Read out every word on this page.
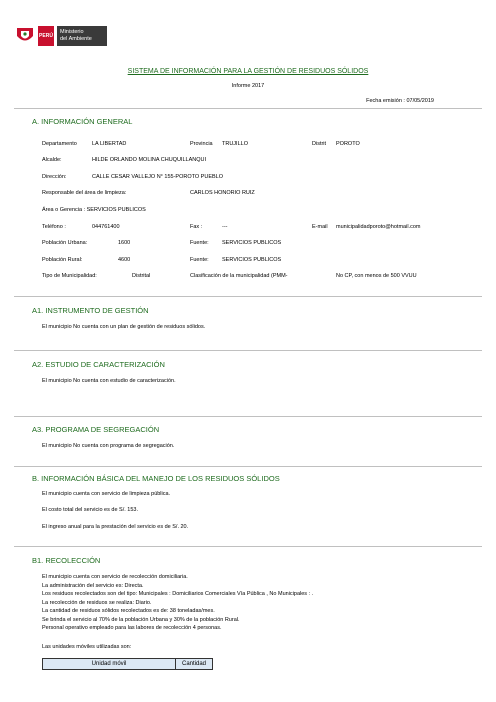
PERÚ
Ministerio
del Ambiente
SISTEMA DE INFORMACIÓN PARA LA GESTIÓN DE RESIDUOS SÓLIDOS
Informe 2017
Fecha emisión : 07/05/2019
A. INFORMACIÓN GENERAL
Departamento	LA LIBERTAD	Provincia TRUJILLO	Distrit POROTO
Alcalde:	HILDE ORLANDO MOLINA CHUQUILLANQUI
Dirección:	CALLE CESAR VALLEJO N° 155-POROTO PUEBLO
Responsable del área de limpieza:	CARLOS HONORIO RUIZ
Área o Gerencia : SERVICIOS PUBLICOS
Teléfono :	044761400	Fax :	---	E-mail municipalidadporoto@hotmail.com
Población Urbana:	1600	Fuente: SERVICIOS PUBLICOS
Población Rural:	4600	Fuente: SERVICIOS PUBLICOS
Tipo de Municipalidad:	Distrital	Clasificación de la municipalidad (PMM-	No CP, con menos de 500 VVUU
A1. INSTRUMENTO DE GESTIÓN
El municipio No cuenta con un plan de gestión de residuos sólidos.
A2. ESTUDIO DE CARACTERIZACIÓN
El municipio No cuenta con estudio de caracterización.
A3. PROGRAMA DE SEGREGACIÓN
El municipio No cuenta con programa de segregación.
B. INFORMACIÓN BÁSICA DEL MANEJO DE LOS RESIDUOS SÓLIDOS
El municipio cuenta con servicio de limpieza pública.
El costo total del servicio es de S/. 153.
El ingreso anual para la prestación del servicio es de S/. 20.
B1. RECOLECCIÓN
El municipio cuenta con servicio de recolección domiciliaria.
La administración del servicio es: Directa.
Los residuos recolectados son del tipo: Municipales : Domiciliarios Comerciales Vía Pública , No Municipales : .
La recolección de residuos se realiza: Diario.
La cantidad de residuos sólidos recolectados es de: 38 toneladas/mes.
Se brinda el servicio al 70% de la población Urbana y 30% de la población Rural.
Personal operativo empleado para las labores de recolección 4 personas.
Las unidades móviles utilizadas son:
Unidad móvil	Cantidad
